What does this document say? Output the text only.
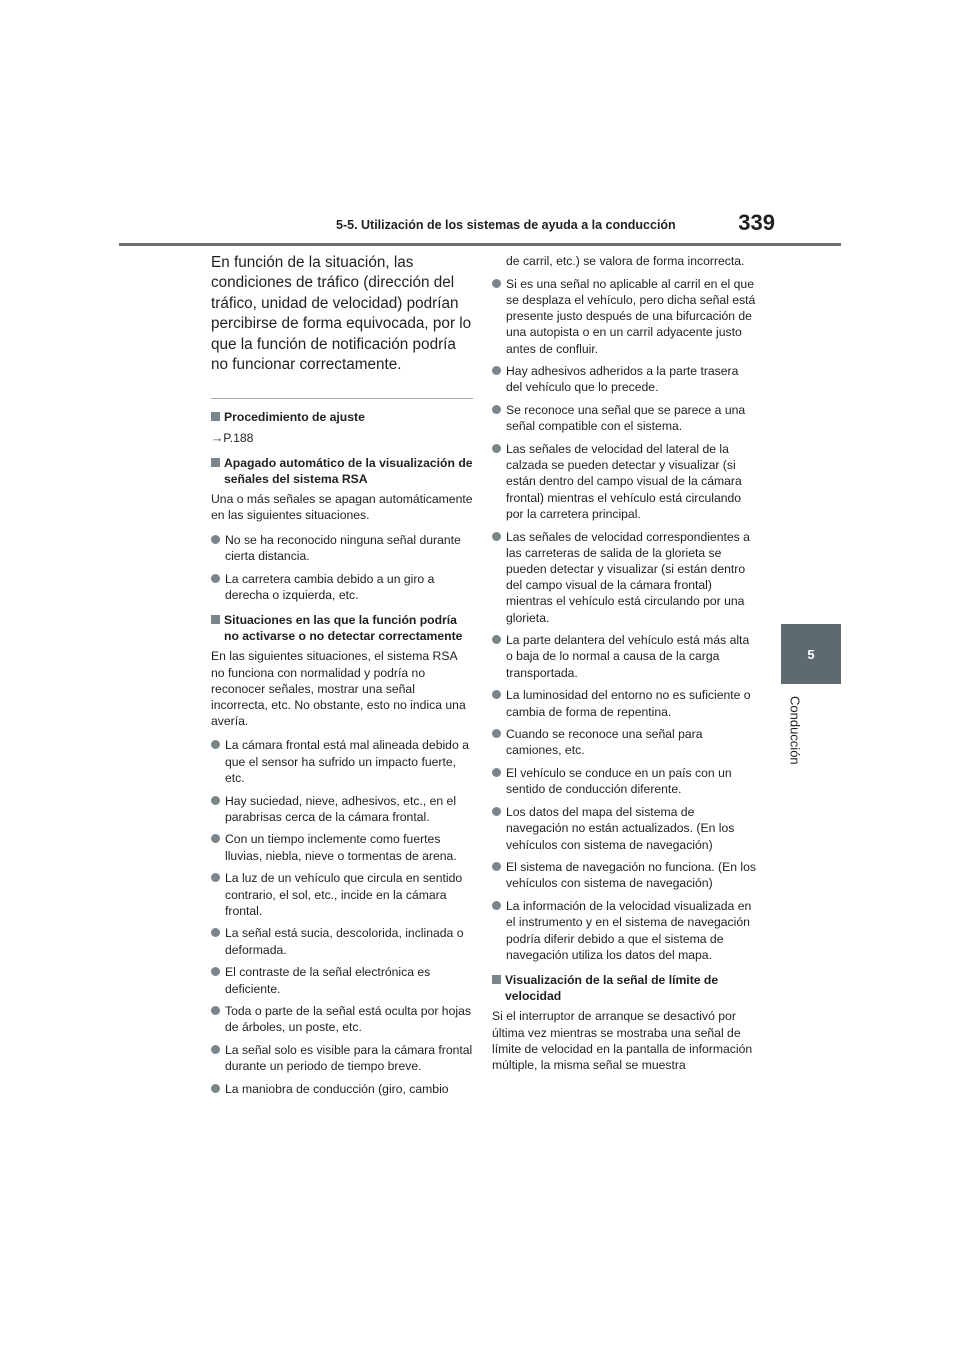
5-5. Utilización de los sistemas de ayuda a la conducción	339
5
Conducción

En función de la situación, las condiciones de tráfico (dirección del tráfico, unidad de velocidad) podrían percibirse de forma equivocada, por lo que la función de notificación podría no funcionar correctamente.

Procedimiento de ajuste

→P.188

Apagado automático de la visualización de señales del sistema RSA

Una o más señales se apagan automáticamente en las siguientes situaciones.

No se ha reconocido ninguna señal durante cierta distancia.
La carretera cambia debido a un giro a derecha o izquierda, etc.
Situaciones en las que la función podría no activarse o no detectar correctamente

En las siguientes situaciones, el sistema RSA no funciona con normalidad y podría no reconocer señales, mostrar una señal incorrecta, etc. No obstante, esto no indica una avería.

La cámara frontal está mal alineada debido a que el sensor ha sufrido un impacto fuerte, etc.
Hay suciedad, nieve, adhesivos, etc., en el parabrisas cerca de la cámara frontal.
Con un tiempo inclemente como fuertes lluvias, niebla, nieve o tormentas de arena.
La luz de un vehículo que circula en sentido contrario, el sol, etc., incide en la cámara frontal.
La señal está sucia, descolorida, inclinada o deformada.
El contraste de la señal electrónica es deficiente.
Toda o parte de la señal está oculta por hojas de árboles, un poste, etc.
La señal solo es visible para la cámara frontal durante un periodo de tiempo breve.
La maniobra de conducción (giro, cambio

de carril, etc.) se valora de forma incorrecta.

Si es una señal no aplicable al carril en el que se desplaza el vehículo, pero dicha señal está presente justo después de una bifurcación de una autopista o en un carril adyacente justo antes de confluir.
Hay adhesivos adheridos a la parte trasera del vehículo que lo precede.
Se reconoce una señal que se parece a una señal compatible con el sistema.
Las señales de velocidad del lateral de la calzada se pueden detectar y visualizar (si están dentro del campo visual de la cámara frontal) mientras el vehículo está circulando por la carretera principal.
Las señales de velocidad correspondientes a las carreteras de salida de la glorieta se pueden detectar y visualizar (si están dentro del campo visual de la cámara frontal) mientras el vehículo está circulando por una glorieta.
La parte delantera del vehículo está más alta o baja de lo normal a causa de la carga transportada.
La luminosidad del entorno no es suficiente o cambia de forma de repentina.
Cuando se reconoce una señal para camiones, etc.
El vehículo se conduce en un país con un sentido de conducción diferente.
Los datos del mapa del sistema de navegación no están actualizados. (En los vehículos con sistema de navegación)
El sistema de navegación no funciona. (En los vehículos con sistema de navegación)
La información de la velocidad visualizada en el instrumento y en el sistema de navegación podría diferir debido a que el sistema de navegación utiliza los datos del mapa.
Visualización de la señal de límite de velocidad

Si el interruptor de arranque se desactivó por última vez mientras se mostraba una señal de límite de velocidad en la pantalla de información múltiple, la misma señal se muestra
